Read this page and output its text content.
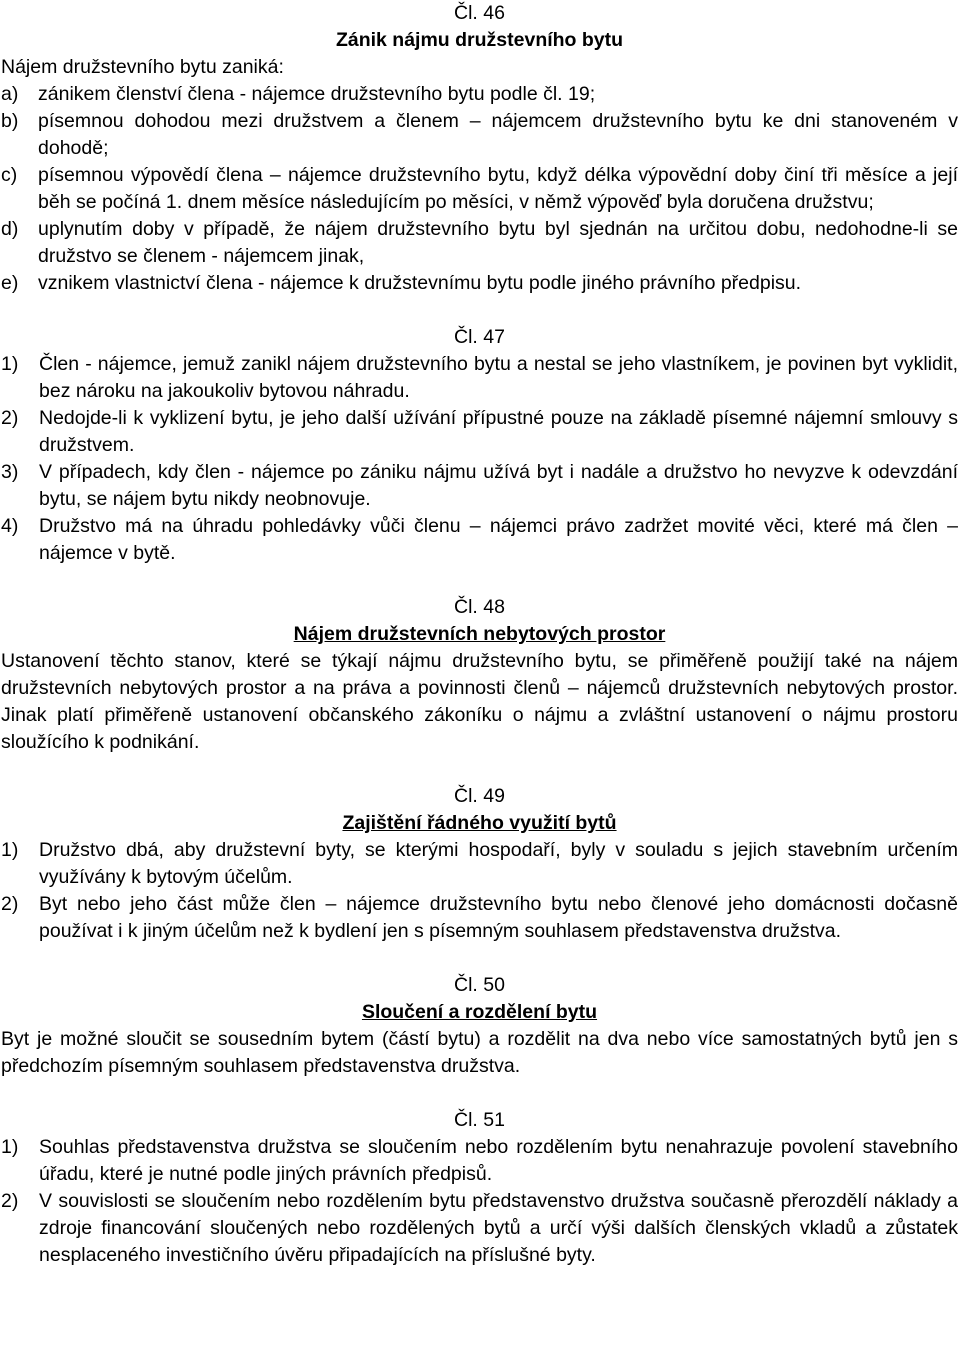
Čl. 46
Zánik nájmu družstevního bytu
Nájem družstevního bytu zaniká:
a)	zánikem členství člena - nájemce družstevního bytu podle čl. 19;
b)	písemnou dohodou mezi družstvem a členem – nájemcem družstevního bytu ke dni stanoveném v dohodě;
c)	písemnou výpovědí člena – nájemce družstevního bytu, když délka výpovědní doby činí tři měsíce a její běh se počíná 1. dnem měsíce následujícím po měsíci, v němž výpověď byla doručena družstvu;
d)	uplynutím doby v případě, že nájem družstevního bytu byl sjednán na určitou dobu, nedohodne-li se družstvo se členem - nájemcem jinak,
e)	vznikem vlastnictví člena - nájemce k družstevnímu bytu podle jiného právního předpisu.
Čl. 47
1)	Člen - nájemce, jemuž zanikl nájem družstevního bytu a nestal se jeho vlastníkem, je povinen byt vyklidit, bez nároku na jakoukoliv bytovou náhradu.
2)	Nedojde-li k vyklizení bytu, je jeho další užívání přípustné pouze na základě písemné nájemní smlouvy s družstvem.
3)	V případech, kdy člen - nájemce po zániku nájmu užívá byt i nadále a družstvo ho nevyzve k odevzdání bytu, se nájem bytu nikdy neobnovuje.
4)	Družstvo má na úhradu pohledávky vůči členu – nájemci právo zadržet movité věci, které má člen – nájemce v bytě.
Čl. 48
Nájem družstevních nebytových prostor
Ustanovení těchto stanov, které se týkají nájmu družstevního bytu, se přiměřeně použijí také na nájem družstevních nebytových prostor a na práva a povinnosti členů – nájemců družstevních nebytových prostor. Jinak platí přiměřeně ustanovení občanského zákoníku o nájmu a zvláštní ustanovení o nájmu prostoru sloužícího k podnikání.
Čl. 49
Zajištění řádného využití bytů
1)	Družstvo dbá, aby družstevní byty, se kterými hospodaří, byly v souladu s jejich stavebním určením využívány k bytovým účelům.
2)	Byt nebo jeho část může člen – nájemce družstevního bytu nebo členové jeho domácnosti dočasně používat i k jiným účelům než k bydlení jen s písemným souhlasem představenstva družstva.
Čl. 50
Sloučení a rozdělení bytu
Byt je možné sloučit se sousedním bytem (částí bytu) a rozdělit na dva nebo více samostatných bytů jen s předchozím písemným souhlasem představenstva družstva.
Čl. 51
1)	Souhlas představenstva družstva se sloučením nebo rozdělením bytu nenahrazuje povolení stavebního úřadu, které je nutné podle jiných právních předpisů.
2)	V souvislosti se sloučením nebo rozdělením bytu představenstvo družstva současně přerozdělí náklady a zdroje financování sloučených nebo rozdělených bytů a určí výši dalších členských vkladů a zůstatek nesplaceného investičního úvěru připadajících na příslušné byty.
